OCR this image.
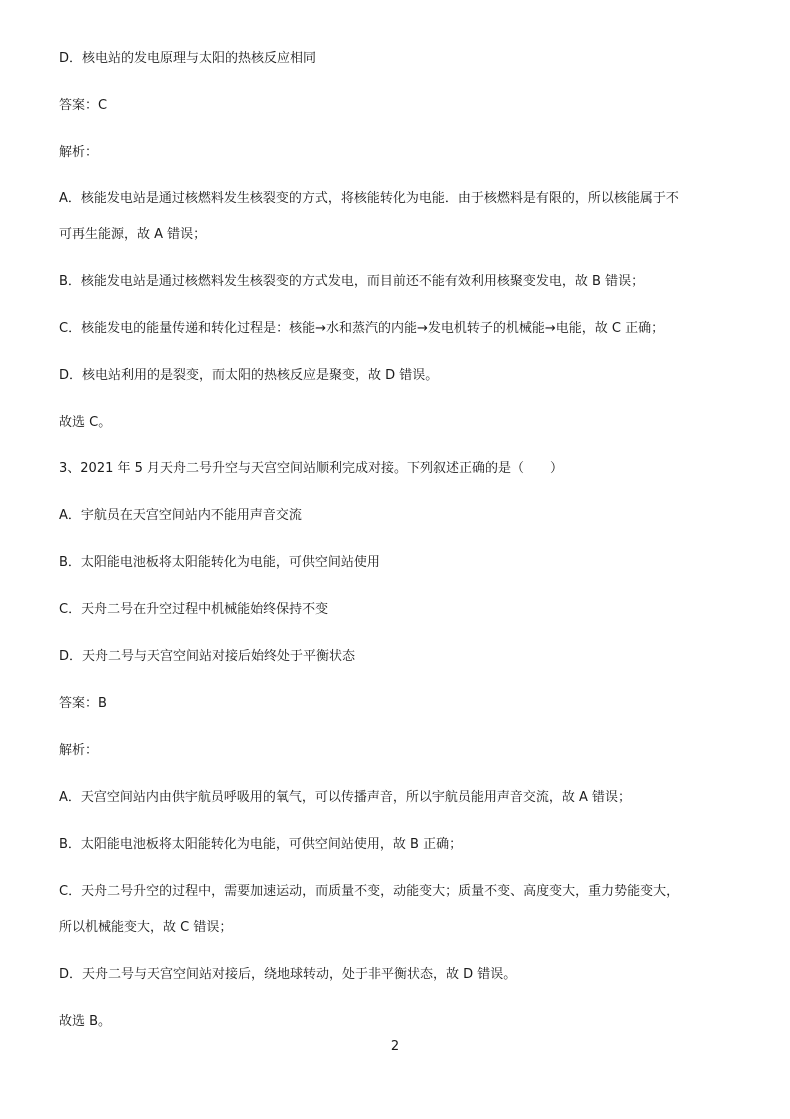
D．核电站的发电原理与太阳的热核反应相同
答案：C
解析：
A．核能发电站是通过核燃料发生核裂变的方式，将核能转化为电能．由于核燃料是有限的，所以核能属于不
可再生能源，故 A 错误；
B．核能发电站是通过核燃料发生核裂变的方式发电，而目前还不能有效利用核聚变发电，故 B 错误；
C．核能发电的能量传递和转化过程是：核能→水和蒸汽的内能→发电机转子的机械能→电能，故 C 正确；
D．核电站利用的是裂变，而太阳的热核反应是聚变，故 D 错误。
故选 C。
3、2021 年 5 月天舟二号升空与天宫空间站顺利完成对接。下列叙述正确的是（　　）
A．宇航员在天宫空间站内不能用声音交流
B．太阳能电池板将太阳能转化为电能，可供空间站使用
C．天舟二号在升空过程中机械能始终保持不变
D．天舟二号与天宫空间站对接后始终处于平衡状态
答案：B
解析：
A．天宫空间站内由供宇航员呼吸用的氧气，可以传播声音，所以宇航员能用声音交流，故 A 错误；
B．太阳能电池板将太阳能转化为电能，可供空间站使用，故 B 正确；
C．天舟二号升空的过程中，需要加速运动，而质量不变，动能变大；质量不变、高度变大，重力势能变大，
所以机械能变大，故 C 错误；
D．天舟二号与天宫空间站对接后，绕地球转动，处于非平衡状态，故 D 错误。
故选 B。
2
